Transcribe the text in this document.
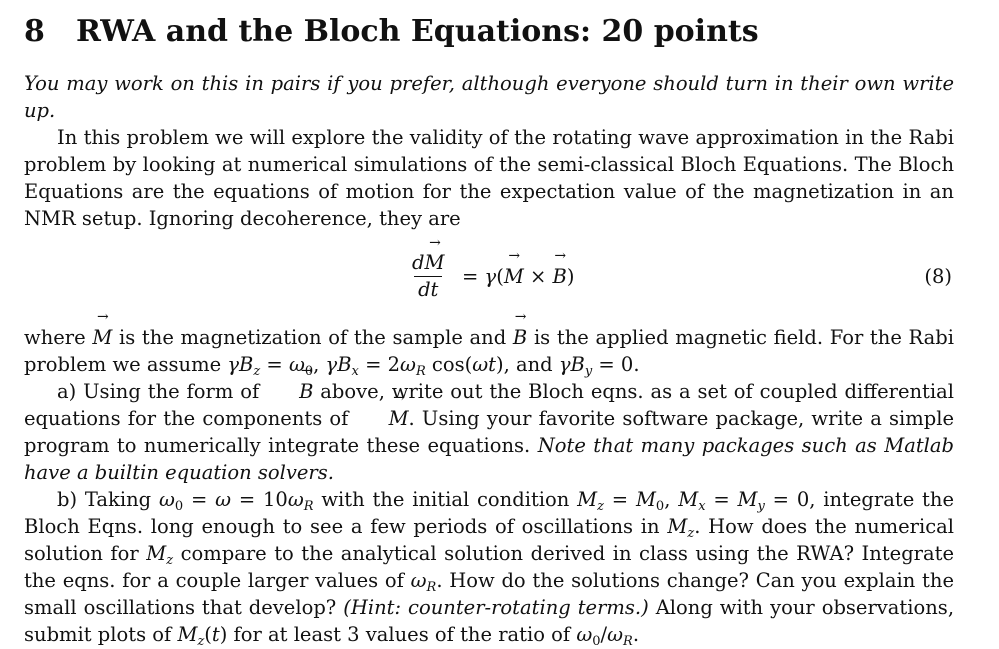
8 RWA and the Bloch Equations: 20 points

You may work on this in pairs if you prefer, although everyone should turn in their own write up.

In this problem we will explore the validity of the rotating wave approximation in the Rabi problem by looking at numerical simulations of the semi-classical Bloch Equations. The Bloch Equations are the equations of motion for the expectation value of the magnetization in an NMR setup. Ignoring decoherence, they are

$\frac{d\to M}{dt} = \gamma(\to M$ × → B)	(8)

where → M is the magnetization of the sample and → B is the applied magnetic field. For the Rabi problem we assume $\gamma B_z = \omega_0$, $\gamma B_x = 2\omega_R$ cos(ωt), and $\gamma B_y = 0$.

a) Using the form of → B above, write out the Bloch eqns. as a set of coupled differential equations for the components of → M. Using your favorite software package, write a simple program to numerically integrate these equations. Note that many packages such as Matlab have a builtin equation solvers.

b) Taking $\omega_0 = \omega = 10\omega_R$ with the initial condition $M_z = M_0$, $M_x = M_y = 0$, integrate the Bloch Eqns. long enough to see a few periods of oscillations in $M_z$. How does the numerical solution for $M_z$ compare to the analytical solution derived in class using the RWA? Integrate the eqns. for a couple larger values of $\omega_R$. How do the solutions change? Can you explain the small oscillations that develop? (Hint: counter-rotating terms.) Along with your observations, submit plots of $M_z(t)$ for at least 3 values of the ratio of $\omega_0/\omega_R$.
